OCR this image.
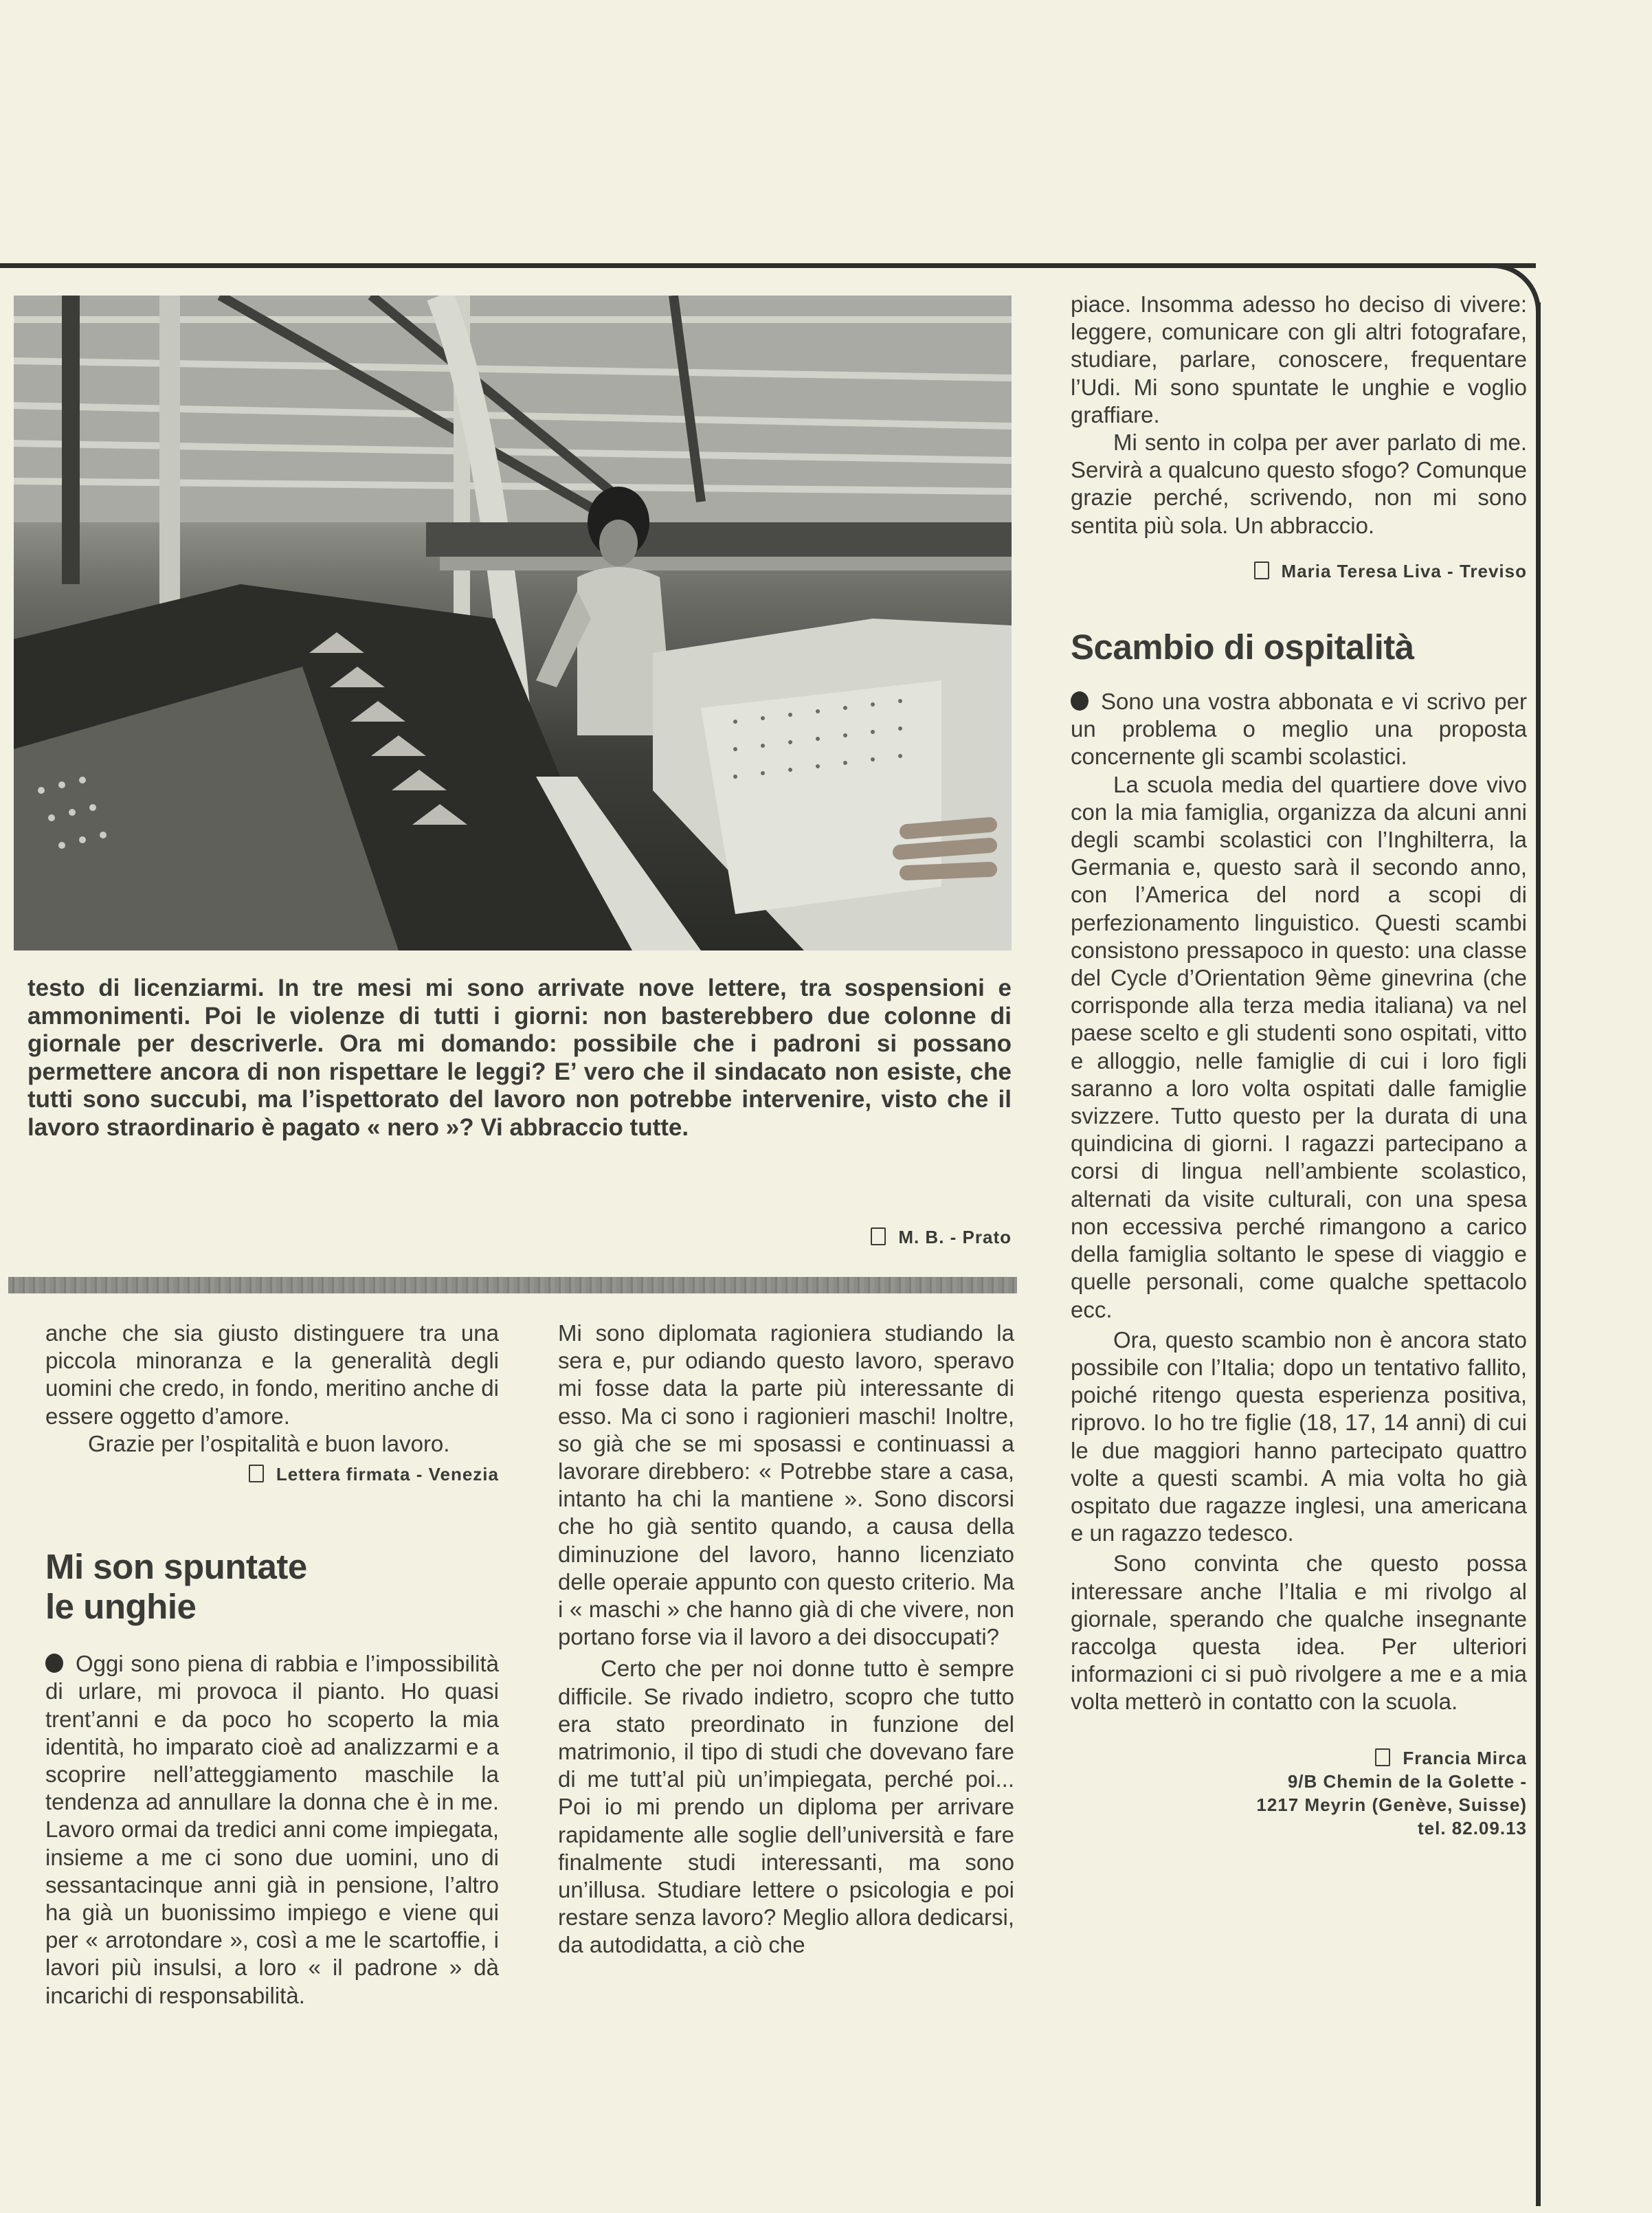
testo di licenziarmi. In tre mesi mi sono arrivate nove lettere, tra sospensioni e ammonimenti. Poi le violenze di tutti i giorni: non basterebbero due colonne di giornale per descriverle. Ora mi domando: possibile che i padroni si possano permettere ancora di non rispettare le leggi? E’ vero che il sindacato non esiste, che tutti sono succubi, ma l’ispettorato del lavoro non potrebbe intervenire, visto che il lavoro straordinario è pagato « nero »? Vi abbraccio tutte.
M. B. - Prato

anche che sia giusto distinguere tra una piccola minoranza e la generalità degli uomini che credo, in fondo, meritino anche di essere oggetto d’amore.

Grazie per l’ospitalità e buon lavoro.

Lettera firmata - Venezia
Mi son spuntate
le unghie

Oggi sono piena di rabbia e l’impossibilità di urlare, mi provoca il pianto. Ho quasi trent’anni e da poco ho scoperto la mia identità, ho imparato cioè ad analizzarmi e a scoprire nell’atteggiamento maschile la tendenza ad annullare la donna che è in me. Lavoro ormai da tredici anni come impiegata, insieme a me ci sono due uomini, uno di sessantacinque anni già in pensione, l’altro ha già un buonissimo impiego e viene qui per « arrotondare », così a me le scartoffie, i lavori più insulsi, a loro « il padrone » dà incarichi di responsabilità.

Mi sono diplomata ragioniera studiando la sera e, pur odiando questo lavoro, speravo mi fosse data la parte più interessante di esso. Ma ci sono i ragionieri maschi! Inoltre, so già che se mi sposassi e continuassi a lavorare direbbero: « Potrebbe stare a casa, intanto ha chi la mantiene ». Sono discorsi che ho già sentito quando, a causa della diminuzione del lavoro, hanno licenziato delle operaie appunto con questo criterio. Ma i « maschi » che hanno già di che vivere, non portano forse via il lavoro a dei disoccupati?

Certo che per noi donne tutto è sempre difficile. Se rivado indietro, scopro che tutto era stato preordinato in funzione del matrimonio, il tipo di studi che dovevano fare di me tutt’al più un’impiegata, perché poi... Poi io mi prendo un diploma per arrivare rapidamente alle soglie dell’università e fare finalmente studi interessanti, ma sono un’illusa. Studiare lettere o psicologia e poi restare senza lavoro? Meglio allora dedicarsi, da autodidatta, a ciò che

piace. Insomma adesso ho deciso di vivere: leggere, comunicare con gli altri fotografare, studiare, parlare, conoscere, frequentare l’Udi. Mi sono spuntate le unghie e voglio graffiare.

Mi sento in colpa per aver parlato di me. Servirà a qualcuno questo sfogo? Comunque grazie perché, scrivendo, non mi sono sentita più sola. Un abbraccio.

Maria Teresa Liva - Treviso
Scambio di ospitalità

Sono una vostra abbonata e vi scrivo per un problema o meglio una proposta concernente gli scambi scolastici.

La scuola media del quartiere dove vivo con la mia famiglia, organizza da alcuni anni degli scambi scolastici con l’Inghilterra, la Germania e, questo sarà il secondo anno, con l’America del nord a scopi di perfezionamento linguistico. Questi scambi consistono pressapoco in questo: una classe del Cycle d’Orientation 9ème ginevrina (che corrisponde alla terza media italiana) va nel paese scelto e gli studenti sono ospitati, vitto e alloggio, nelle famiglie di cui i loro figli saranno a loro volta ospitati dalle famiglie svizzere. Tutto questo per la durata di una quindicina di giorni. I ragazzi partecipano a corsi di lingua nell’ambiente scolastico, alternati da visite culturali, con una spesa non eccessiva perché rimangono a carico della famiglia soltanto le spese di viaggio e quelle personali, come qualche spettacolo ecc.

Ora, questo scambio non è ancora stato possibile con l’Italia; dopo un tentativo fallito, poiché ritengo questa esperienza positiva, riprovo. Io ho tre figlie (18, 17, 14 anni) di cui le due maggiori hanno partecipato quattro volte a questi scambi. A mia volta ho già ospitato due ragazze inglesi, una americana e un ragazzo tedesco.

Sono convinta che questo possa interessare anche l’Italia e mi rivolgo al giornale, sperando che qualche insegnante raccolga questa idea. Per ulteriori informazioni ci si può rivolgere a me e a mia volta metterò in contatto con la scuola.

Francia Mirca
9/B Chemin de la Golette -
1217 Meyrin (Genève, Suisse)
tel. 82.09.13
